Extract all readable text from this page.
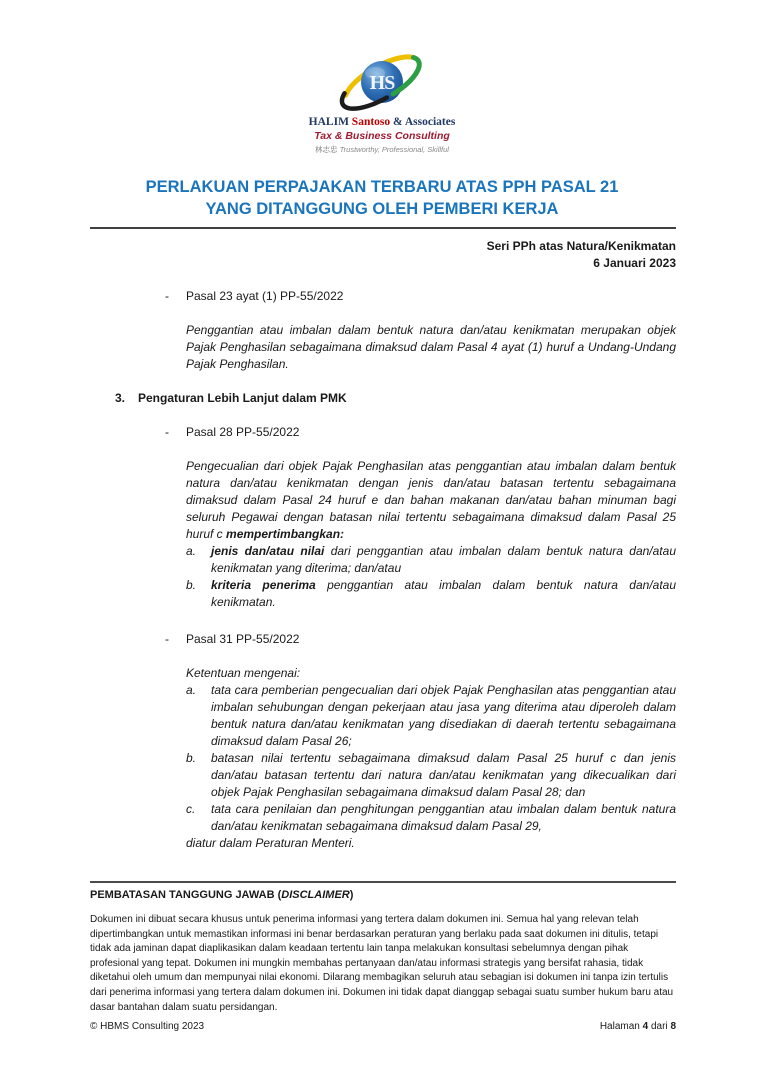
HS
HALIM Santoso & Associates
Tax & Business Consulting
林志忠 Trustworthy, Professional, Skillful
PERLAKUAN PERPAJAKAN TERBARU ATAS PPH PASAL 21
YANG DITANGGUNG OLEH PEMBERI KERJA
Seri PPh atas Natura/Kenikmatan
6 Januari 2023
-	Pasal 23 ayat (1) PP-55/2022

Penggantian atau imbalan dalam bentuk natura dan/atau kenikmatan merupakan objek Pajak Penghasilan sebagaimana dimaksud dalam Pasal 4 ayat (1) huruf a Undang-Undang Pajak Penghasilan.

3.	Pengaturan Lebih Lanjut dalam PMK
-	Pasal 28 PP-55/2022

Pengecualian dari objek Pajak Penghasilan atas penggantian atau imbalan dalam bentuk natura dan/atau kenikmatan dengan jenis dan/atau batasan tertentu sebagaimana dimaksud dalam Pasal 24 huruf e dan bahan makanan dan/atau bahan minuman bagi seluruh Pegawai dengan batasan nilai tertentu sebagaimana dimaksud dalam Pasal 25 huruf c mempertimbangkan:

a.	jenis dan/atau nilai dari penggantian atau imbalan dalam bentuk natura dan/atau kenikmatan yang diterima; dan/atau
b.	kriteria penerima penggantian atau imbalan dalam bentuk natura dan/atau kenikmatan.
-	Pasal 31 PP-55/2022

Ketentuan mengenai:

a.	tata cara pemberian pengecualian dari objek Pajak Penghasilan atas penggantian atau imbalan sehubungan dengan pekerjaan atau jasa yang diterima atau diperoleh dalam bentuk natura dan/atau kenikmatan yang disediakan di daerah tertentu sebagaimana dimaksud dalam Pasal 26;
b.	batasan nilai tertentu sebagaimana dimaksud dalam Pasal 25 huruf c dan jenis dan/atau batasan tertentu dari natura dan/atau kenikmatan yang dikecualikan dari objek Pajak Penghasilan sebagaimana dimaksud dalam Pasal 28; dan
c.	tata cara penilaian dan penghitungan penggantian atau imbalan dalam bentuk natura dan/atau kenikmatan sebagaimana dimaksud dalam Pasal 29,

diatur dalam Peraturan Menteri.

PEMBATASAN TANGGUNG JAWAB (DISCLAIMER)

Dokumen ini dibuat secara khusus untuk penerima informasi yang tertera dalam dokumen ini. Semua hal yang relevan telah dipertimbangkan untuk memastikan informasi ini benar berdasarkan peraturan yang berlaku pada saat dokumen ini ditulis, tetapi tidak ada jaminan dapat diaplikasikan dalam keadaan tertentu lain tanpa melakukan konsultasi sebelumnya dengan pihak profesional yang tepat. Dokumen ini mungkin membahas pertanyaan dan/atau informasi strategis yang bersifat rahasia, tidak diketahui oleh umum dan mempunyai nilai ekonomi. Dilarang membagikan seluruh atau sebagian isi dokumen ini tanpa izin tertulis dari penerima informasi yang tertera dalam dokumen ini. Dokumen ini tidak dapat dianggap sebagai suatu sumber hukum baru atau dasar bantahan dalam suatu persidangan.

© HBMS Consulting 2023	Halaman 4 dari 8
